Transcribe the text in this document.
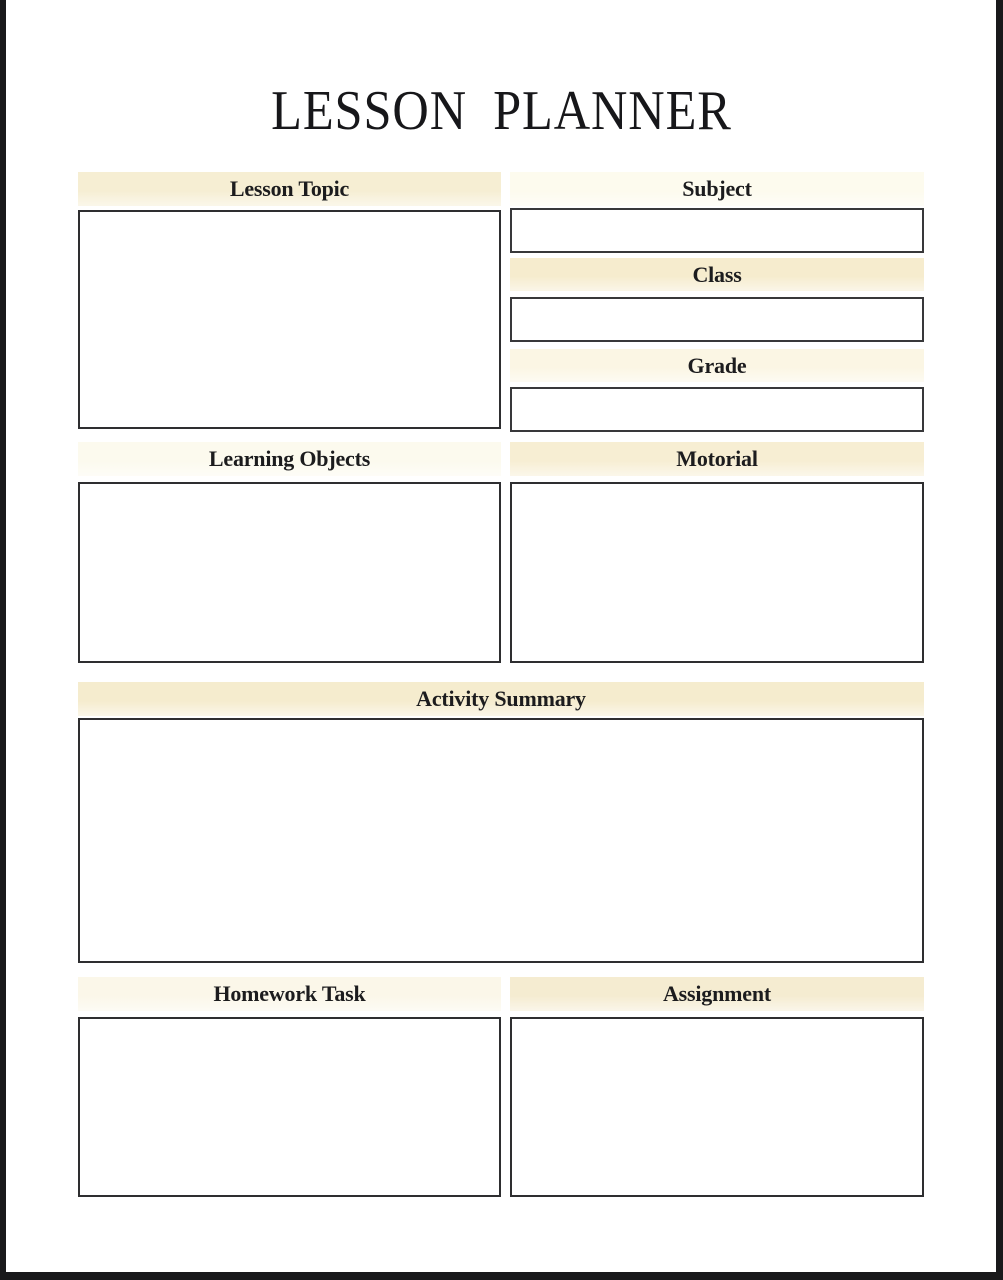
LESSON PLANNER
Lesson Topic	Subject
Class
Grade
Learning Objects	Motorial
Activity Summary
Homework Task	Assignment
